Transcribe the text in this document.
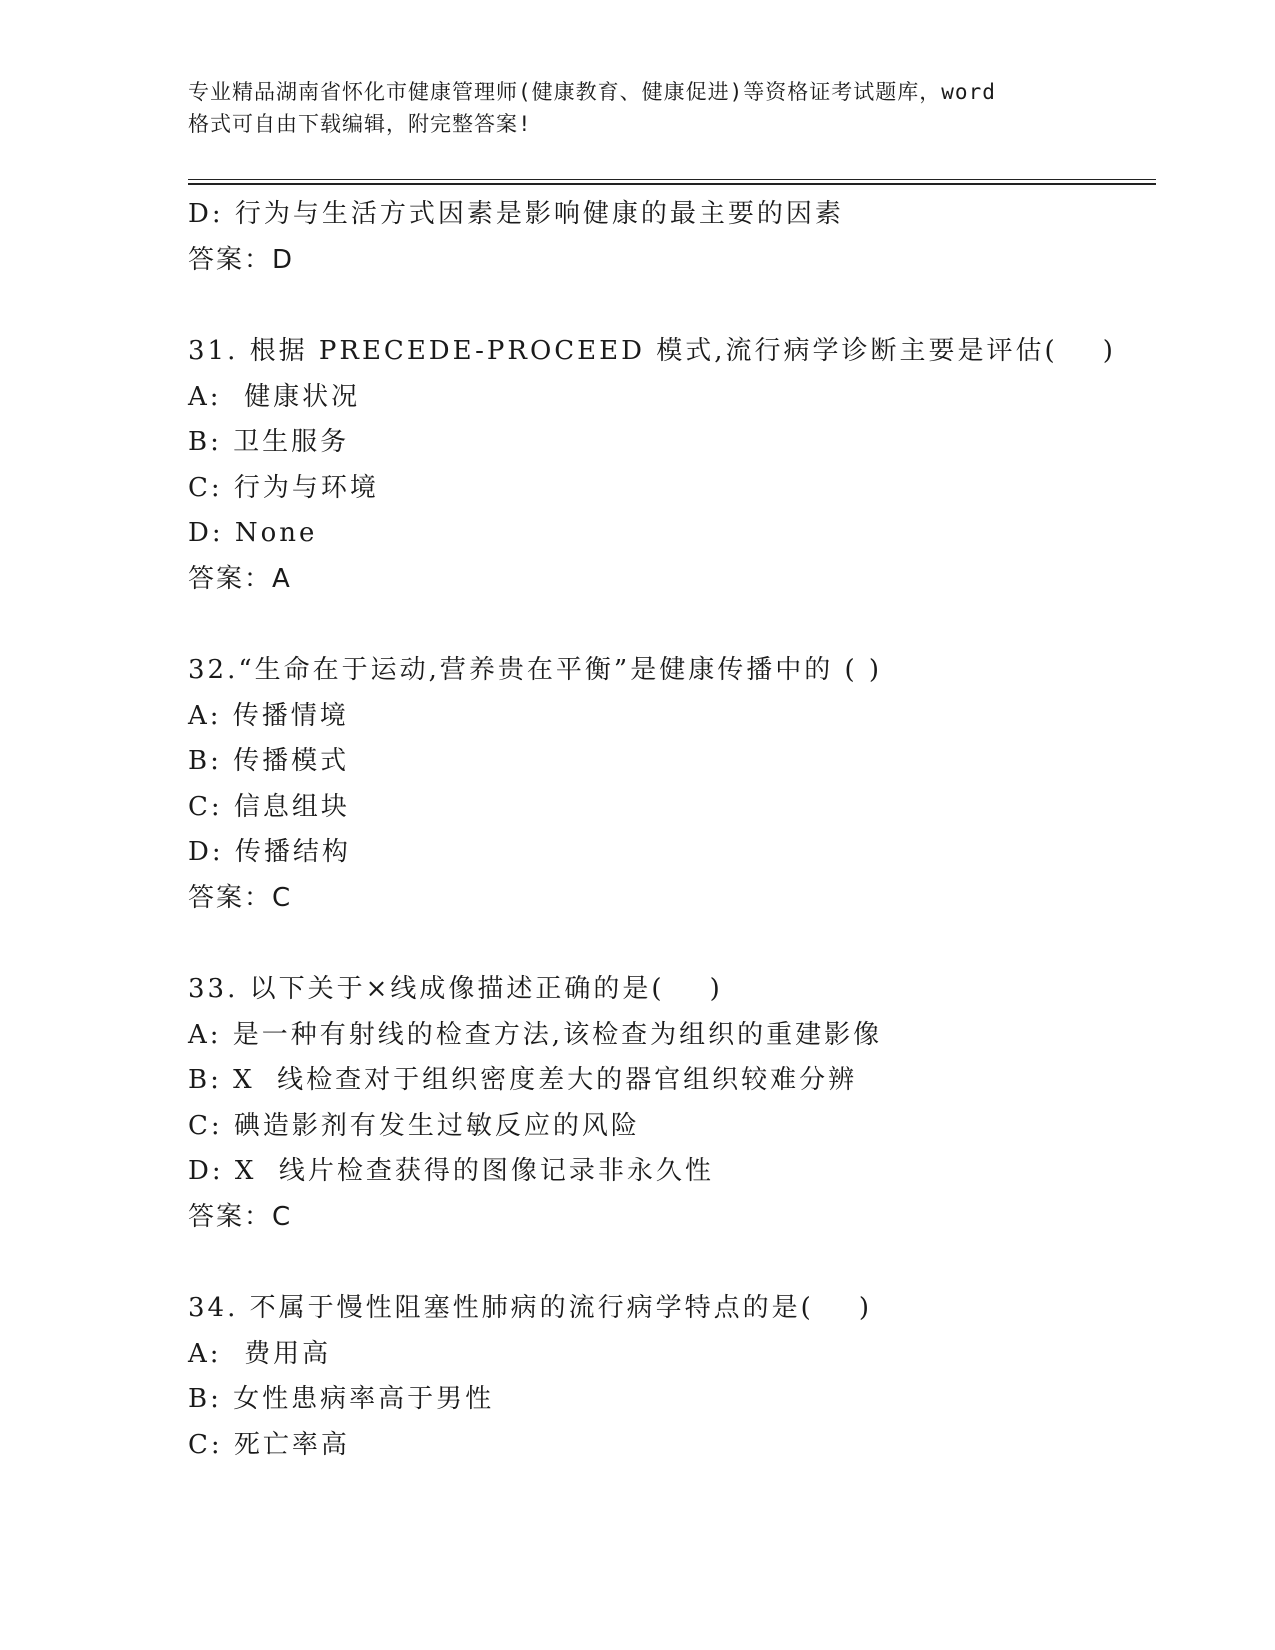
专业精品湖南省怀化市健康管理师(健康教育、健康促进)等资格证考试题库，word
格式可自由下载编辑，附完整答案!
D: 行为与生活方式因素是影响健康的最主要的因素
答案：D
31. 根据 PRECEDE-PROCEED 模式,流行病学诊断主要是评估(    )
A:  健康状况
B: 卫生服务
C: 行为与环境
D: None
答案：A
32.“生命在于运动,营养贵在平衡”是健康传播中的 ( )
A: 传播情境
B: 传播模式
C: 信息组块
D: 传播结构
答案：C
33. 以下关于×线成像描述正确的是(    )
A: 是一种有射线的检查方法,该检查为组织的重建影像
B: X  线检查对于组织密度差大的器官组织较难分辨
C: 碘造影剂有发生过敏反应的风险
D: X  线片检查获得的图像记录非永久性
答案：C
34. 不属于慢性阻塞性肺病的流行病学特点的是(    )
A:  费用高
B: 女性患病率高于男性
C: 死亡率高
